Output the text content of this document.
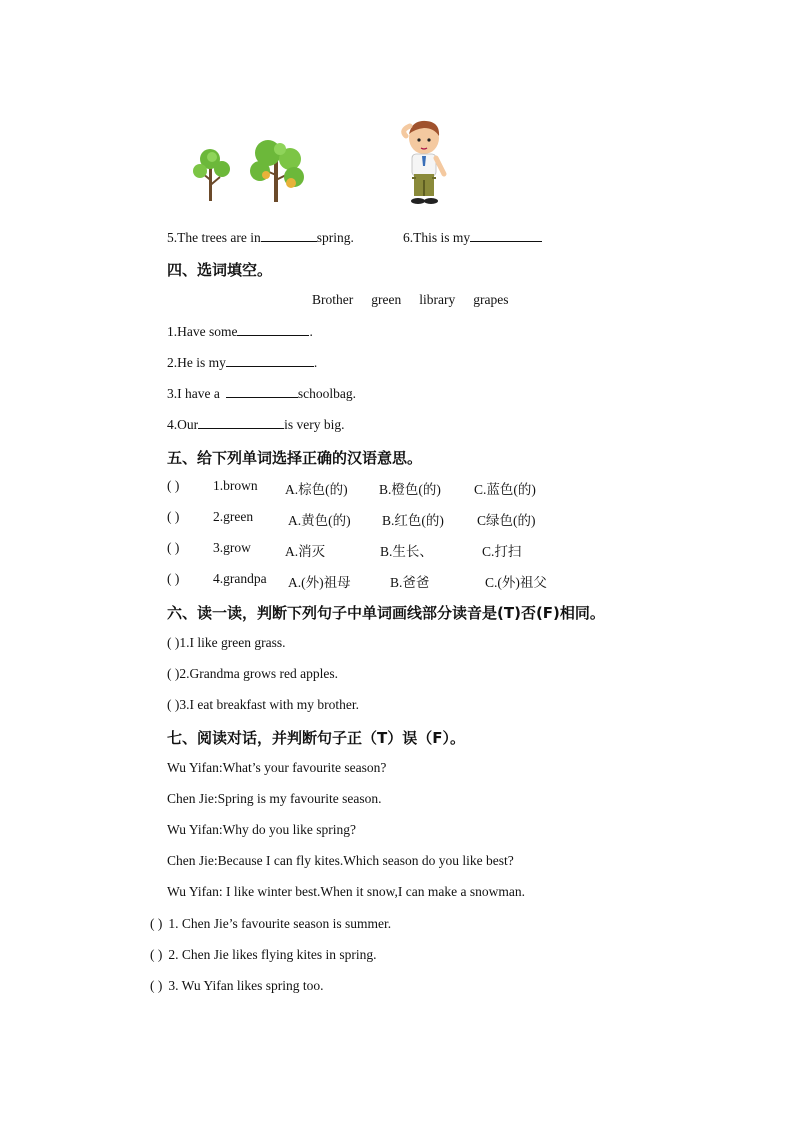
5.The trees are in	spring.	6.This is my
四、选词填空。
Brother green library grapes
1.Have some	.
2.He is my	.
3.I have a	schoolbag.
4.Our	is very big.
五、给下列单词选择正确的汉语意思。
( ) 1.brown A.棕色(的) B.橙色(的) C.蓝色(的)
( ) 2.green	A.黄色(的) B.红色(的) C绿色(的)
( ) 3.grow	A.消灭	B.生长、	C.打扫
( ) 4.grandpa A.(外)祖母	B.爸爸	C.(外)祖父
六、读一读，判断下列句子中单词画线部分读音是(T)否(F)相同。
( )1.I like green grass.
( )2.Grandma grows red apples.
( )3.I eat breakfast with my brother.
七、阅读对话，并判断句子正（T）误（F）。
Wu Yifan:What’s your favourite season?
Chen Jie:Spring is my favourite season.
Wu Yifan:Why do you like spring?
Chen Jie:Because I can fly kites.Which season do you like best?
Wu Yifan: I like winter best.When it snow,I can make a snowman.
( ) 1. Chen Jie’s favourite season is summer.
( ) 2. Chen Jie likes flying kites in spring.
( ) 3. Wu Yifan likes spring too.
